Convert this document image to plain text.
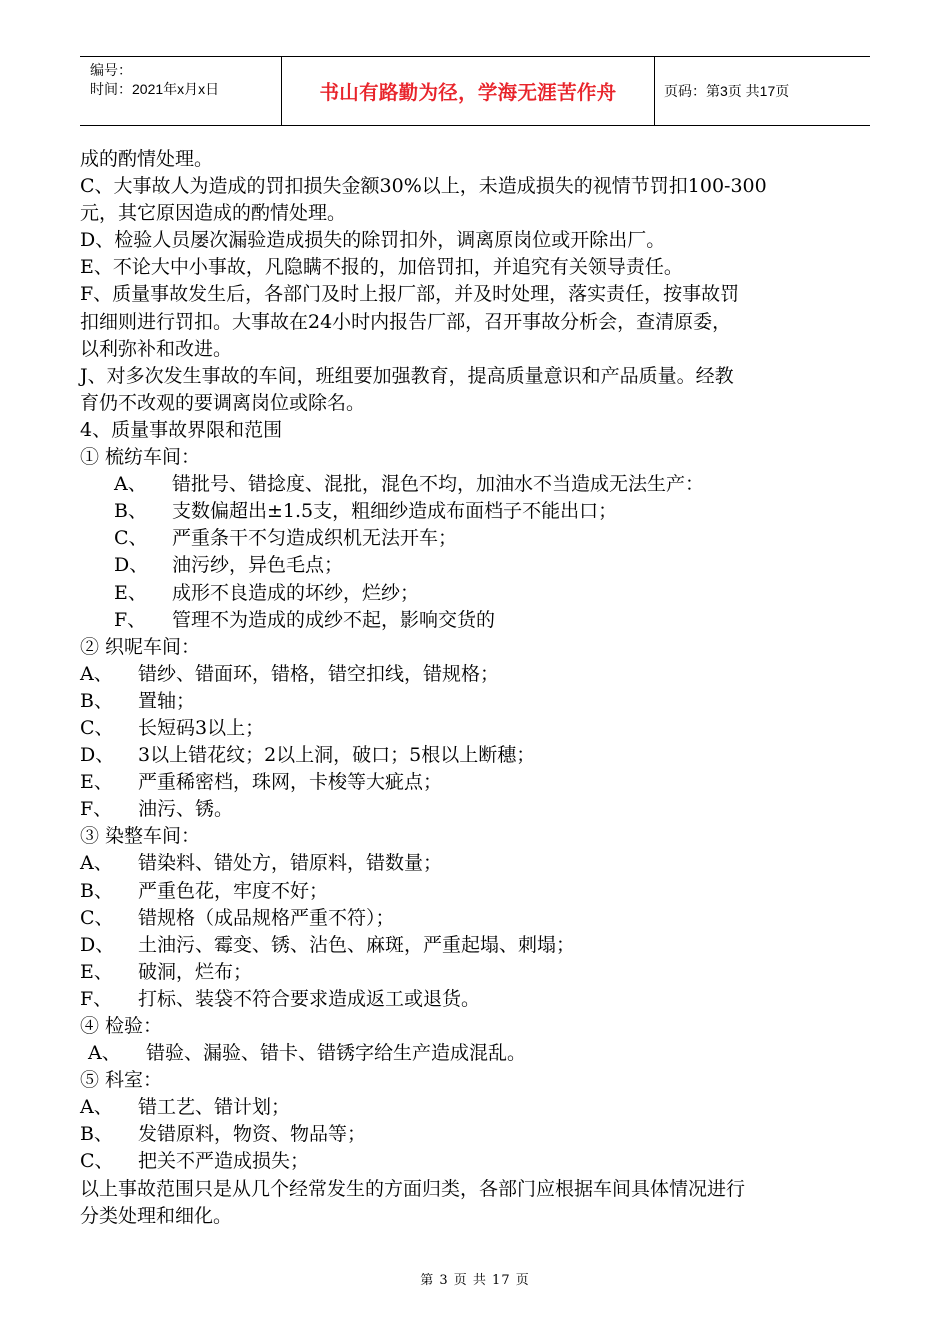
编号：
时间：2021年x月x日	书山有路勤为径，学海无涯苦作舟	页码：第3页 共17页
成的酌情处理。
C、大事故人为造成的罚扣损失金额30%以上，未造成损失的视情节罚扣100-300
元，其它原因造成的酌情处理。
D、检验人员屡次漏验造成损失的除罚扣外，调离原岗位或开除出厂。
E、不论大中小事故，凡隐瞒不报的，加倍罚扣，并追究有关领导责任。
F、质量事故发生后，各部门及时上报厂部，并及时处理，落实责任，按事故罚
扣细则进行罚扣。大事故在24小时内报告厂部，召开事故分析会，查清原委，
以利弥补和改进。
J、对多次发生事故的车间，班组要加强教育，提高质量意识和产品质量。经教
育仍不改观的要调离岗位或除名。
4、质量事故界限和范围
① 梳纺车间：
A、 错批号、错捻度、混批，混色不均，加油水不当造成无法生产：
B、 支数偏超出±1.5支，粗细纱造成布面档子不能出口；
C、 严重条干不匀造成织机无法开车；
D、 油污纱，异色毛点；
E、 成形不良造成的坏纱，烂纱；
F、 管理不为造成的成纱不起，影响交货的
② 织呢车间：
A、 错纱、错面环，错格，错空扣线，错规格；
B、 置轴；
C、 长短码3以上；
D、 3以上错花纹；2以上洞，破口；5根以上断穗；
E、 严重稀密档，珠网，卡梭等大疵点；
F、 油污、锈。
③ 染整车间：
A、 错染料、错处方，错原料，错数量；
B、 严重色花，牢度不好；
C、 错规格（成品规格严重不符）；
D、 土油污、霉变、锈、沾色、麻斑，严重起塌、刺塌；
E、 破洞，烂布；
F、 打标、装袋不符合要求造成返工或退货。
④ 检验：
A、 错验、漏验、错卡、错锈字给生产造成混乱。
⑤ 科室：
A、 错工艺、错计划；
B、 发错原料，物资、物品等；
C、 把关不严造成损失；
以上事故范围只是从几个经常发生的方面归类，各部门应根据车间具体情况进行
分类处理和细化。
第 3 页 共 17 页
